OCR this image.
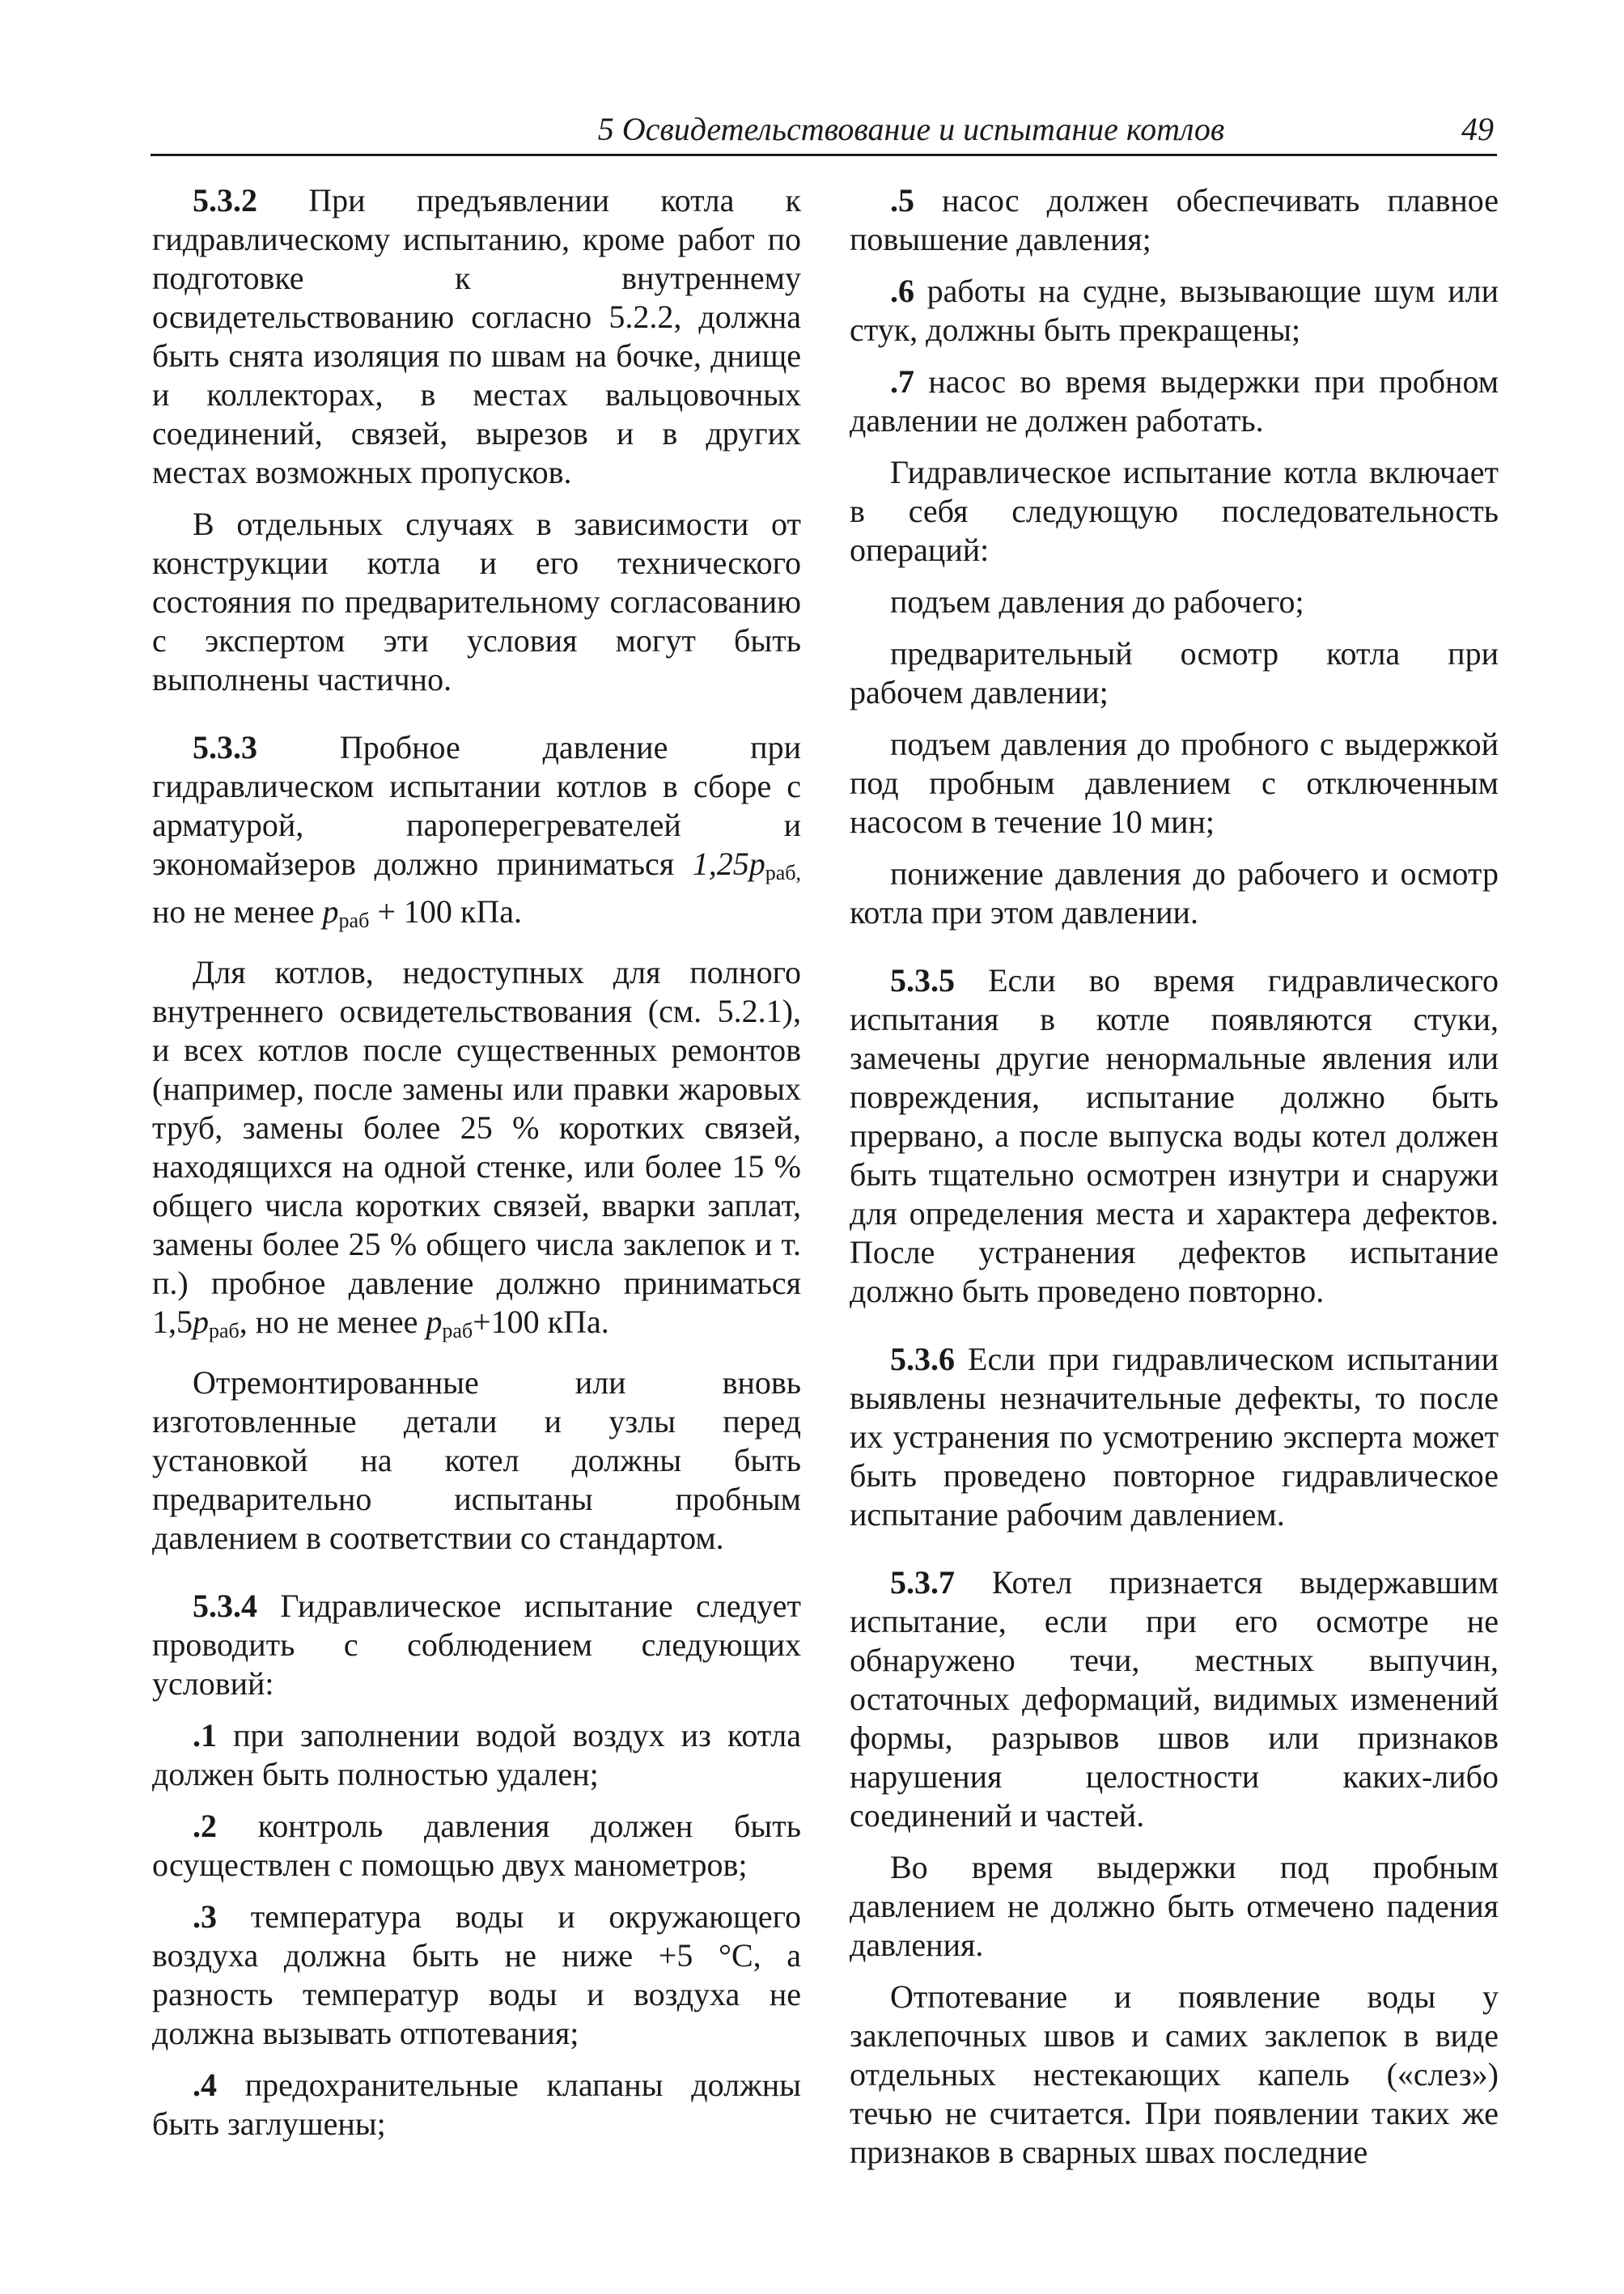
5 Освидетельствование и испытание котлов	49

5.3.2 При предъявлении котла к гидравлическому испытанию, кроме работ по подготовке к внутреннему освидетельствованию согласно 5.2.2, должна быть снята изоляция по швам на бочке, днище и коллекторах, в местах вальцовочных соединений, связей, вырезов и в других местах возможных пропусков.

В отдельных случаях в зависимости от конструкции котла и его технического состояния по предварительному согласованию с экспертом эти условия могут быть выполнены частично.

5.3.3 Пробное давление при гидравлическом испытании котлов в сборе с арматурой, пароперегревателей и экономайзеров должно приниматься $1,25p_{раб,}$ но не менее $p_{раб} + 100$ кПа.

Для котлов, недоступных для полного внутреннего освидетельствования (см. 5.2.1), и всех котлов после существенных ремонтов (например, после замены или правки жаровых труб, замены более 25 % коротких связей, находящихся на одной стенке, или более 15 % общего числа коротких связей, вварки заплат, замены более 25 % общего числа заклепок и т. п.) пробное давление должно приниматься $1,5p_{раб}$, но не менее $p_{раб}+100$ кПа.

Отремонтированные или вновь изготовленные детали и узлы перед установкой на котел должны быть предварительно испытаны пробным давлением в соответствии со стандартом.

5.3.4 Гидравлическое испытание следует проводить с соблюдением следующих условий:

.1 при заполнении водой воздух из котла должен быть полностью удален;

.2 контроль давления должен быть осуществлен с помощью двух манометров;

.3 температура воды и окружающего воздуха должна быть не ниже +5 °С, а разность температур воды и воздуха не должна вызывать отпотевания;

.4 предохранительные клапаны должны быть заглушены;

.5 насос должен обеспечивать плавное повышение давления;

.6 работы на судне, вызывающие шум или стук, должны быть прекращены;

.7 насос во время выдержки при пробном давлении не должен работать.

Гидравлическое испытание котла включает в себя следующую последовательность операций:

подъем давления до рабочего;

предварительный осмотр котла при рабочем давлении;

подъем давления до пробного с выдержкой под пробным давлением с отключенным насосом в течение 10 мин;

понижение давления до рабочего и осмотр котла при этом давлении.

5.3.5 Если во время гидравлического испытания в котле появляются стуки, замечены другие ненормальные явления или повреждения, испытание должно быть прервано, а после выпуска воды котел должен быть тщательно осмотрен изнутри и снаружи для определения места и характера дефектов. После устранения дефектов испытание должно быть проведено повторно.

5.3.6 Если при гидравлическом испытании выявлены незначительные дефекты, то после их устранения по усмотрению эксперта может быть проведено повторное гидравлическое испытание рабочим давлением.

5.3.7 Котел признается выдержавшим испытание, если при его осмотре не обнаружено течи, местных выпучин, остаточных деформаций, видимых изменений формы, разрывов швов или признаков нарушения целостности каких-либо соединений и частей.

Во время выдержки под пробным давлением не должно быть отмечено падения давления.

Отпотевание и появление воды у заклепочных швов и самих заклепок в виде отдельных нестекающих капель («слез») течью не считается. При появлении таких же признаков в сварных швах последние
